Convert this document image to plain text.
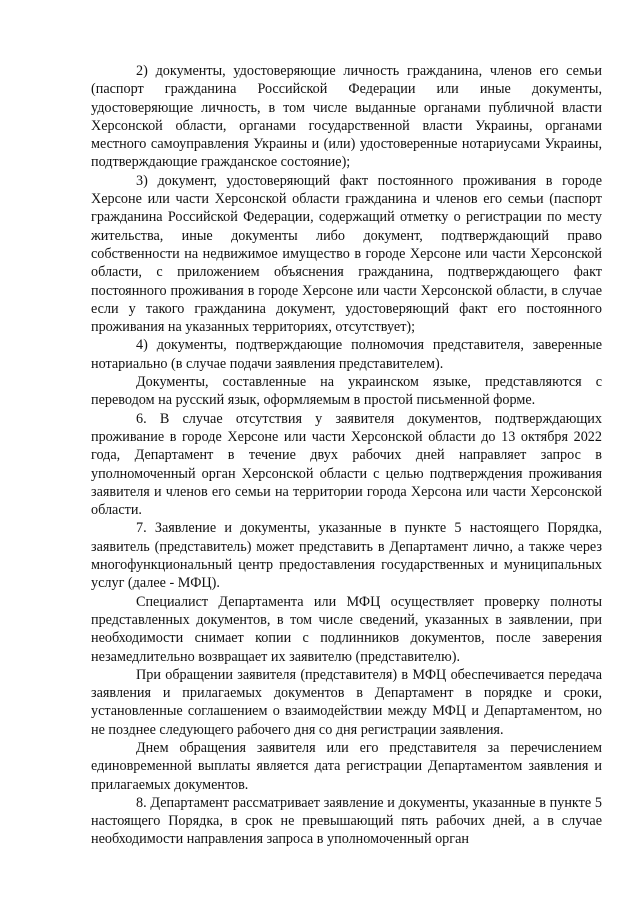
2) документы, удостоверяющие личность гражданина, членов его семьи (паспорт гражданина Российской Федерации или иные документы, удостоверяющие личность, в том числе выданные органами публичной власти Херсонской области, органами государственной власти Украины, органами местного самоуправления Украины и (или) удостоверенные нотариусами Украины, подтверждающие гражданское состояние);

3) документ, удостоверяющий факт постоянного проживания в городе Херсоне или части Херсонской области гражданина и членов его семьи (паспорт гражданина Российской Федерации, содержащий отметку о регистрации по месту жительства, иные документы либо документ, подтверждающий право собственности на недвижимое имущество в городе Херсоне или части Херсонской области, с приложением объяснения гражданина, подтверждающего факт постоянного проживания в городе Херсоне или части Херсонской области, в случае если у такого гражданина документ, удостоверяющий факт его постоянного проживания на указанных территориях, отсутствует);

4) документы, подтверждающие полномочия представителя, заверенные нотариально (в случае подачи заявления представителем).

Документы, составленные на украинском языке, представляются с переводом на русский язык, оформляемым в простой письменной форме.

6. В случае отсутствия у заявителя документов, подтверждающих проживание в городе Херсоне или части Херсонской области до 13 октября 2022 года, Департамент в течение двух рабочих дней направляет запрос в уполномоченный орган Херсонской области с целью подтверждения проживания заявителя и членов его семьи на территории города Херсона или части Херсонской области.

7. Заявление и документы, указанные в пункте 5 настоящего Порядка, заявитель (представитель) может представить в Департамент лично, а также через многофункциональный центр предоставления государственных и муниципальных услуг (далее - МФЦ).

Специалист Департамента или МФЦ осуществляет проверку полноты представленных документов, в том числе сведений, указанных в заявлении, при необходимости снимает копии с подлинников документов, после заверения незамедлительно возвращает их заявителю (представителю).

При обращении заявителя (представителя) в МФЦ обеспечивается передача заявления и прилагаемых документов в Департамент в порядке и сроки, установленные соглашением о взаимодействии между МФЦ и Департаментом, но не позднее следующего рабочего дня со дня регистрации заявления.

Днем обращения заявителя или его представителя за перечислением единовременной выплаты является дата регистрации Департаментом заявления и прилагаемых документов.

8. Департамент рассматривает заявление и документы, указанные в пункте 5 настоящего Порядка, в срок не превышающий пять рабочих дней, а в случае необходимости направления запроса в уполномоченный орган
